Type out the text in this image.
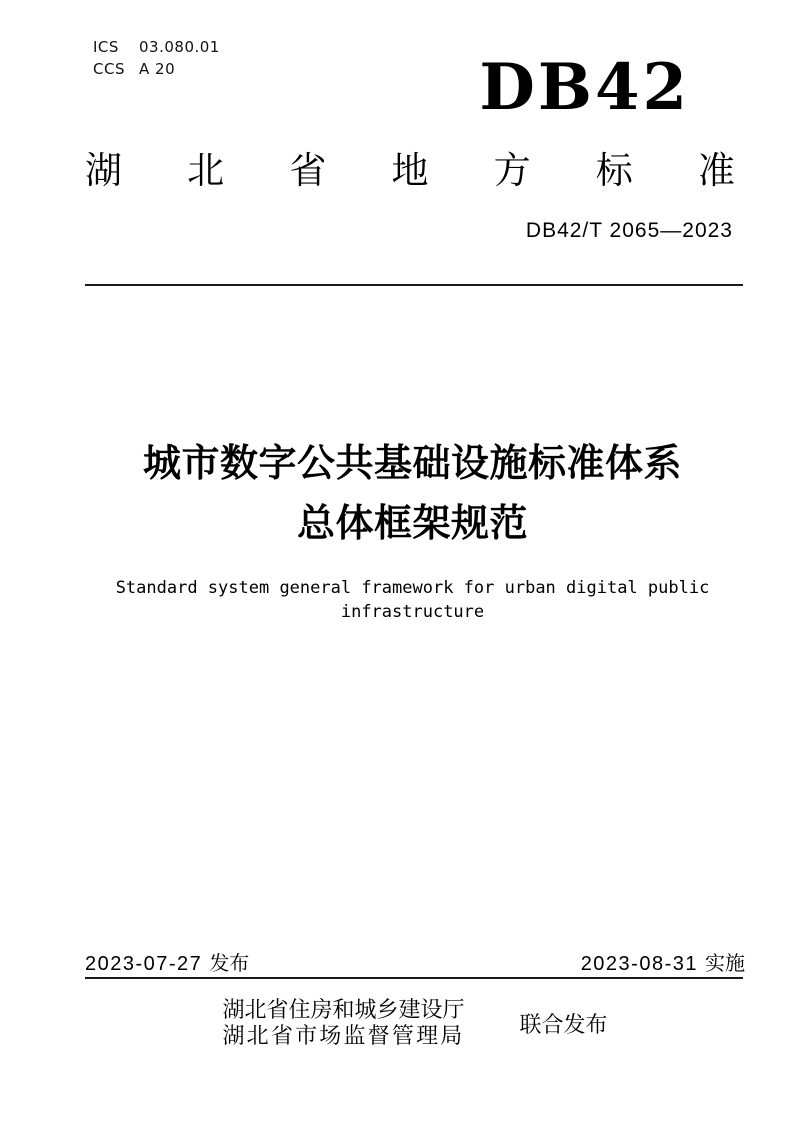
ICS 03.080.01
CCS A 20	DB42
湖 北 省 地 方 标 准
DB42/T 2065—2023
城市数字公共基础设施标准体系
总体框架规范
Standard system general framework for urban digital public infrastructure
2023-07-27 发布	2023-08-31 实施
湖北省住房和城乡建设厅
湖北省市场监督管理局	联合发布
